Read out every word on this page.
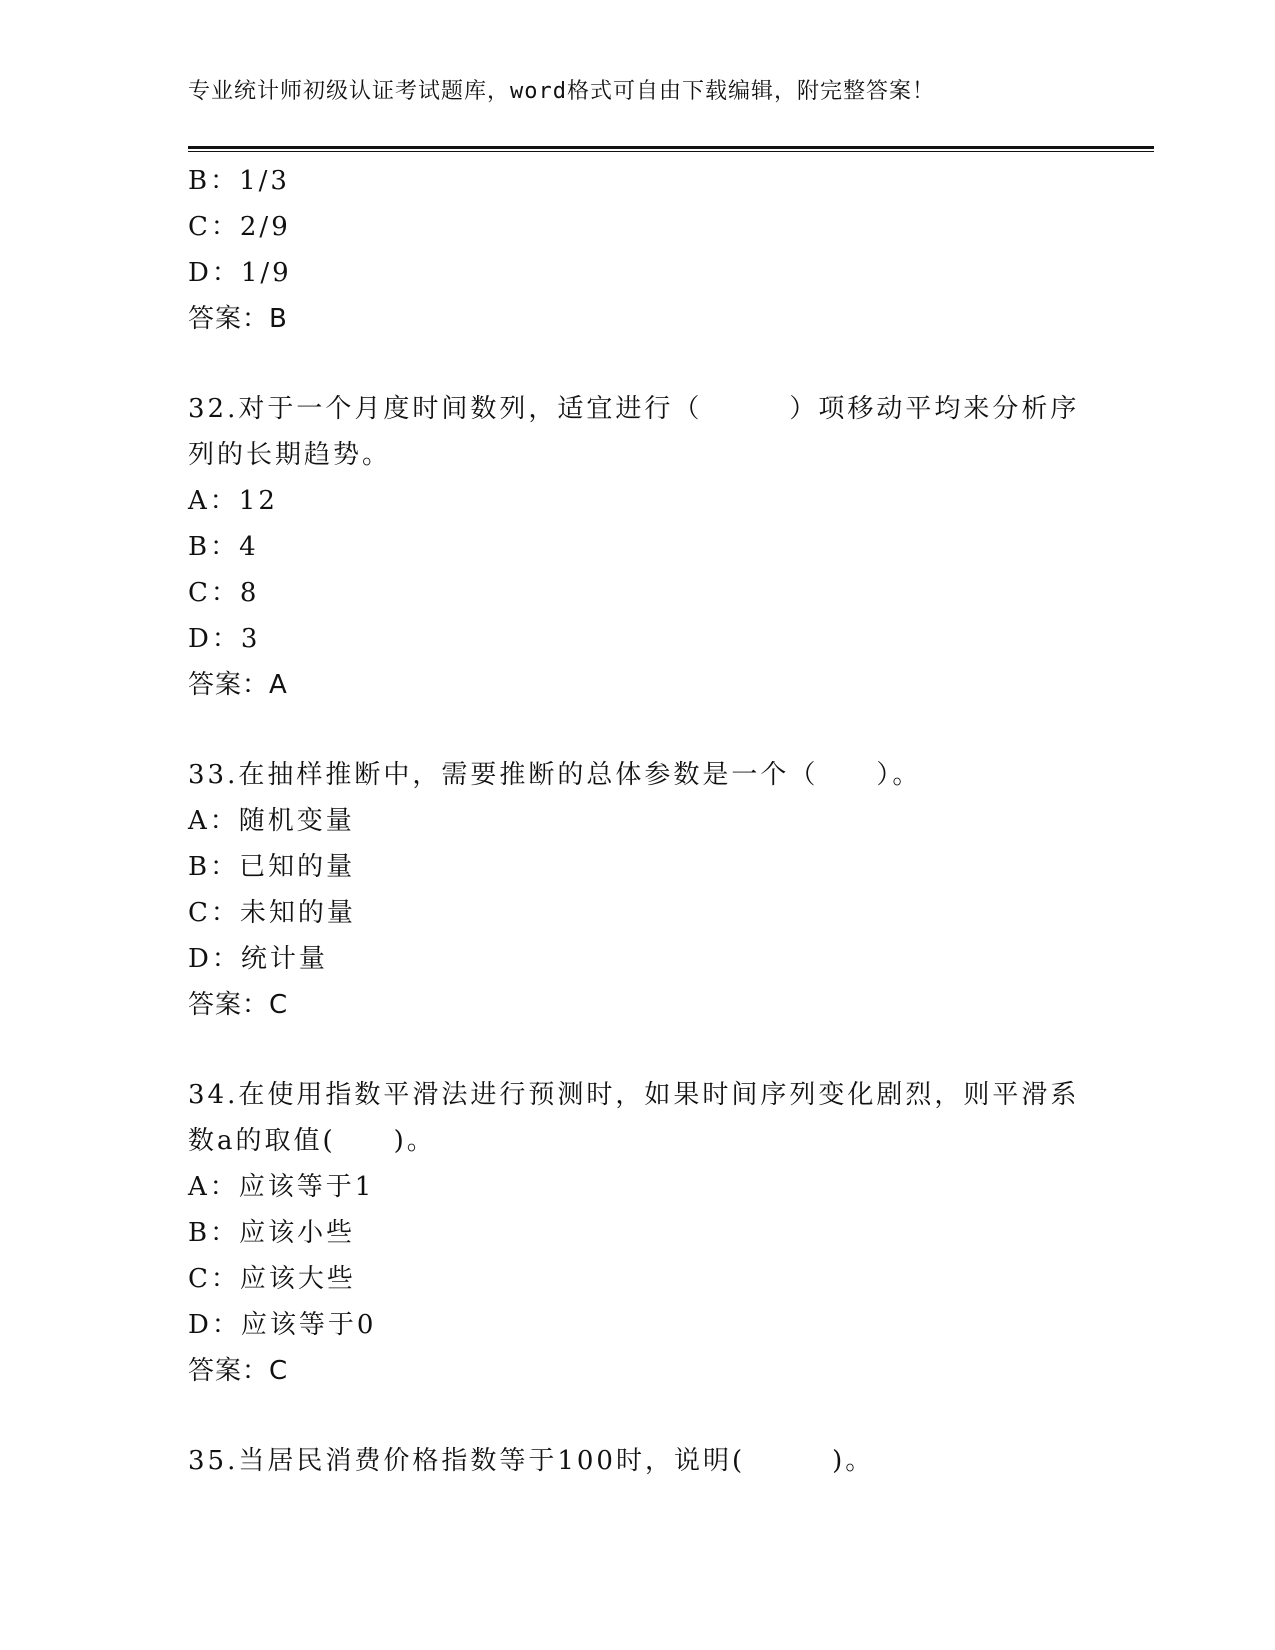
专业统计师初级认证考试题库，word格式可自由下载编辑，附完整答案！
B：1/3
C：2/9
D：1/9
答案：B
32.对于一个月度时间数列，适宜进行（　　　）项移动平均来分析序
列的长期趋势。
A：12
B：4
C：8
D：3
答案：A
33.在抽样推断中，需要推断的总体参数是一个（　　）。
A：随机变量
B：已知的量
C：未知的量
D：统计量
答案：C
34.在使用指数平滑法进行预测时，如果时间序列变化剧烈，则平滑系
数a的取值(　　)。
A：应该等于1
B：应该小些
C：应该大些
D：应该等于0
答案：C
35.当居民消费价格指数等于100时，说明(　　　)。
